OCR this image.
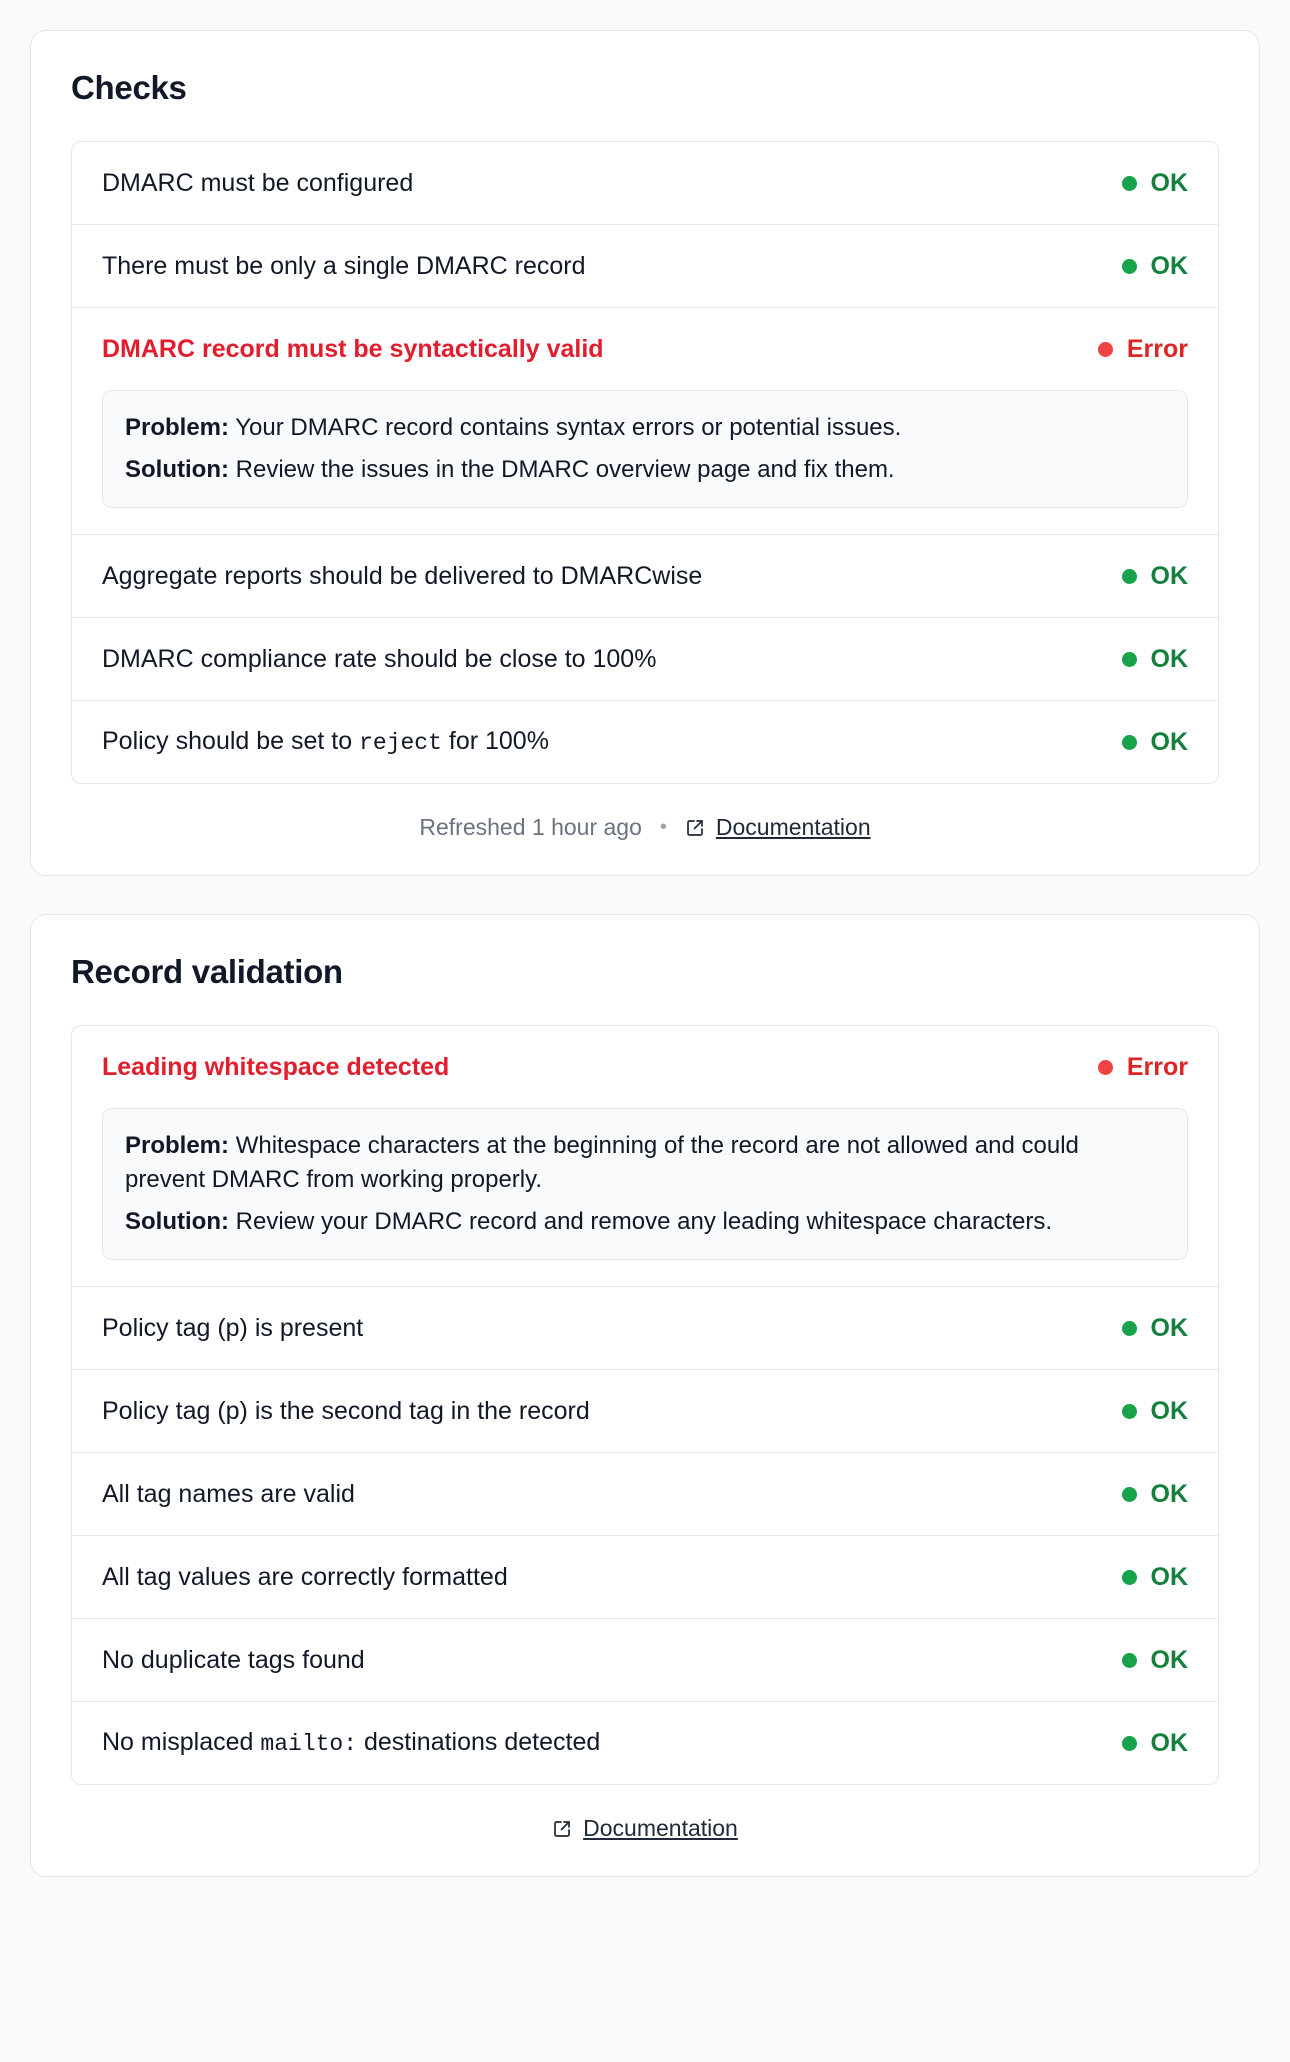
Checks
DMARC must be configured	OK
There must be only a single DMARC record	OK
DMARC record must be syntactically valid	Error

Problem: Your DMARC record contains syntax errors or potential issues.

Solution: Review the issues in the DMARC overview page and fix them.

Aggregate reports should be delivered to DMARCwise	OK
DMARC compliance rate should be close to 100%	OK
Policy should be set to reject for 100%	OK
Refreshed 1 hour ago • Documentation
Record validation
Leading whitespace detected	Error

Problem: Whitespace characters at the beginning of the record are not allowed and could prevent DMARC from working properly.

Solution: Review your DMARC record and remove any leading whitespace characters.

Policy tag (p) is present	OK
Policy tag (p) is the second tag in the record	OK
All tag names are valid	OK
All tag values are correctly formatted	OK
No duplicate tags found	OK
No misplaced mailto: destinations detected	OK
Documentation
